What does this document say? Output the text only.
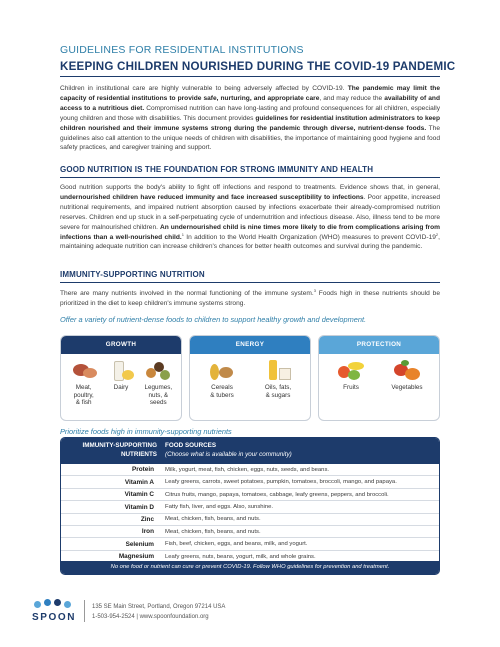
GUIDELINES FOR RESIDENTIAL INSTITUTIONS
KEEPING CHILDREN NOURISHED DURING THE COVID-19 PANDEMIC

Children in institutional care are highly vulnerable to being adversely affected by COVID-19. The pandemic may limit the capacity of residential institutions to provide safe, nurturing, and appropriate care, and may reduce the availability of and access to a nutritious diet. Compromised nutrition can have long-lasting and profound consequences for all children, especially young children and those with disabilities. This document provides guidelines for residential institution administrators to keep children nourished and their immune systems strong during the pandemic through diverse, nutrient-dense foods. The guidelines also call attention to the unique needs of children with disabilities, the importance of maintaining good hygiene and food safety practices, and caregiver training and support.

GOOD NUTRITION IS THE FOUNDATION FOR STRONG IMMUNITY AND HEALTH

Good nutrition supports the body's ability to fight off infections and respond to treatments. Evidence shows that, in general, undernourished children have reduced immunity and face increased susceptibility to infections. Poor appetite, increased nutritional requirements, and impaired nutrient absorption caused by infections exacerbate their already-compromised nutrition reserves. Children end up stuck in a self-perpetuating cycle of undernutrition and infectious disease. Also, illness tend to be more severe for malnourished children. An undernourished child is nine times more likely to die from complications arising from infections than a well-nourished child.$^1$ In addition to the World Health Organization (WHO) measures to prevent COVID-$19^2$, maintaining adequate nutrition can increase children's chances for better health outcomes and survival during the pandemic.

IMMUNITY-SUPPORTING NUTRITION

There are many nutrients involved in the normal functioning of the immune system.$^3$ Foods high in these nutrients should be prioritized in the diet to keep children's immune systems strong.

Offer a variety of nutrient-dense foods to children to support healthy growth and development.
GROWTH
Meat,
poultry,
& fish
Dairy	Legumes,
nuts, &
seeds
ENERGY
Cereals
& tubers
Oils, fats,
& sugars
PROTECTION
Fruits	Vegetables
Prioritize foods high in immunity-supporting nutrients
IMMUNITY-SUPPORTING
NUTRIENTS
FOOD SOURCES
(Choose what is available in your community)
Protein Milk, yogurt, meat, fish, chicken, eggs, nuts, seeds, and beans.
Vitamin A Leafy greens, carrots, sweet potatoes, pumpkin, tomatoes, broccoli, mango, and papaya.
Vitamin C Citrus fruits, mango, papaya, tomatoes, cabbage, leafy greens, peppers, and broccoli.
Vitamin D Fatty fish, liver, and eggs. Also, sunshine.
Zinc Meat, chicken, fish, beans, and nuts.
Iron Meat, chicken, fish, beans, and nuts.
Selenium Fish, beef, chicken, eggs, and beans, milk, and yogurt.
Magnesium Leafy greens, nuts, beans, yogurt, milk, and whole grains.
No one food or nutrient can cure or prevent COVID-19. Follow WHO guidelines for prevention and treatment.
SPOON
135 SE Main Street, Portland, Oregon 97214 USA
1-503-954-2524 | www.spoonfoundation.org
